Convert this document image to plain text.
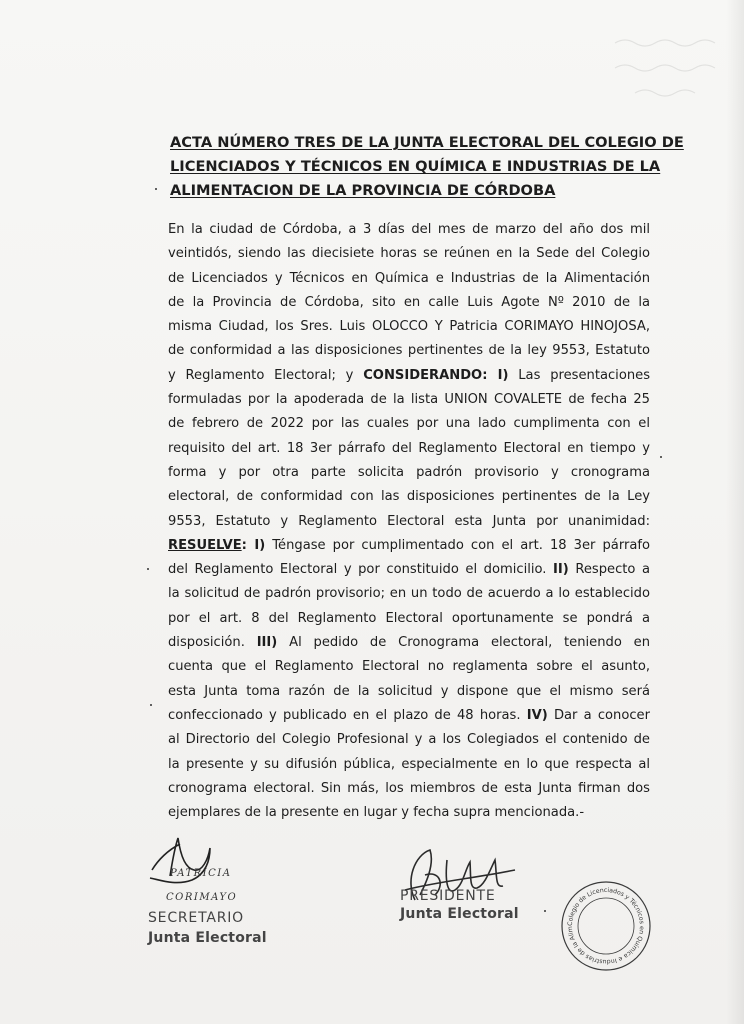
ACTA NÚMERO TRES DE LA JUNTA ELECTORAL DEL COLEGIO DE
LICENCIADOS Y TÉCNICOS EN QUÍMICA E INDUSTRIAS DE LA
ALIMENTACION DE LA PROVINCIA DE CÓRDOBA
En la ciudad de Córdoba, a 3 días del mes de marzo del año dos mil
veintidós, siendo las diecisiete horas se reúnen en la Sede del Colegio
de Licenciados y Técnicos en Química e Industrias de la Alimentación
de la Provincia de Córdoba, sito en calle Luis Agote Nº 2010 de la
misma Ciudad, los Sres. Luis OLOCCO Y Patricia CORIMAYO HINOJOSA,
de conformidad a las disposiciones pertinentes de la ley 9553, Estatuto
y Reglamento Electoral; y CONSIDERANDO: I) Las presentaciones
formuladas por la apoderada de la lista UNION COVALETE de fecha 25
de febrero de 2022 por las cuales por una lado cumplimenta con el
requisito del art. 18 3er párrafo del Reglamento Electoral en tiempo y
forma y por otra parte solicita padrón provisorio y cronograma
electoral, de conformidad con las disposiciones pertinentes de la Ley
9553, Estatuto y Reglamento Electoral esta Junta por unanimidad:
RESUELVE: I) Téngase por cumplimentado con el art. 18 3er párrafo
del Reglamento Electoral y por constituido el domicilio. II) Respecto a
la solicitud de padrón provisorio; en un todo de acuerdo a lo establecido
por el art. 8 del Reglamento Electoral oportunamente se pondrá a
disposición. III) Al pedido de Cronograma electoral, teniendo en
cuenta que el Reglamento Electoral no reglamenta sobre el asunto,
esta Junta toma razón de la solicitud y dispone que el mismo será
confeccionado y publicado en el plazo de 48 horas. IV) Dar a conocer
al Directorio del Colegio Profesional y a los Colegiados el contenido de
la presente y su difusión pública, especialmente en lo que respecta al
cronograma electoral. Sin más, los miembros de esta Junta firman dos
ejemplares de la presente en lugar y fecha supra mencionada.-
PATRICIA
CORIMAYO
SECRETARIO
Junta Electoral
PRESIDENTE
Junta Electoral
Colegio de Licenciados y Técnicos en Química e Industrias de la Alim
